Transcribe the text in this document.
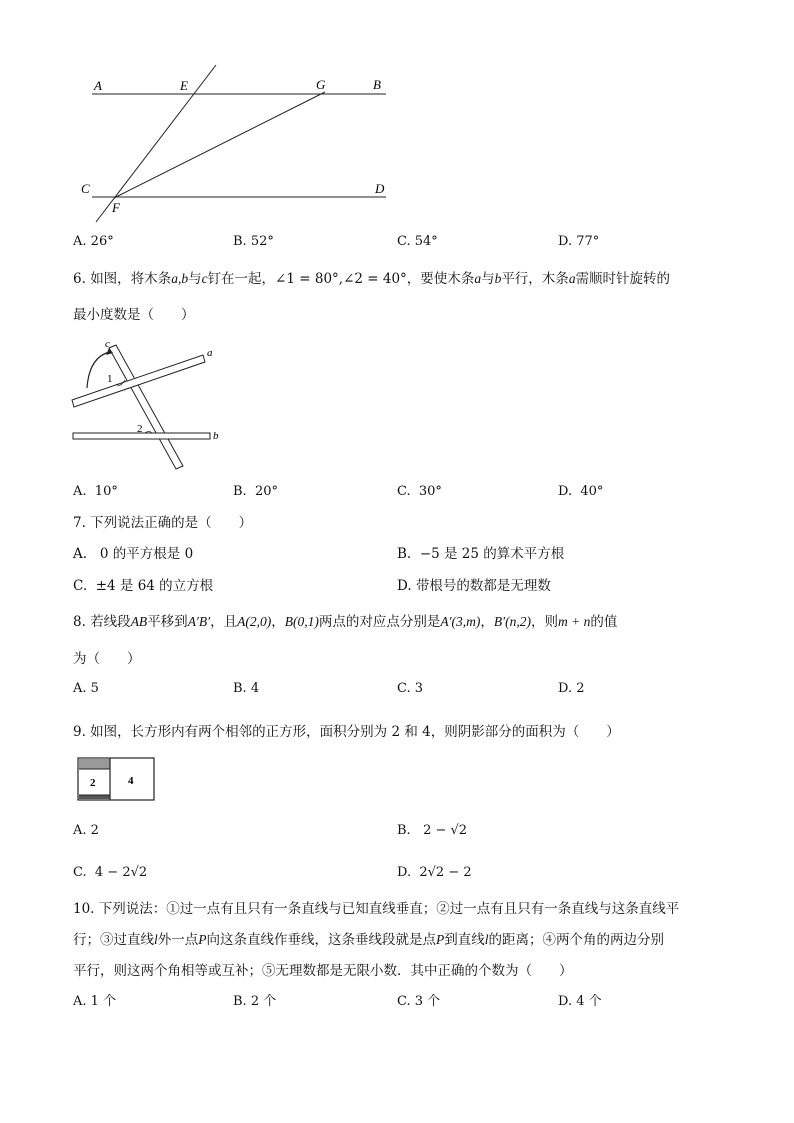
A	E	G	B
C	D
F
A. 26°	B. 52°	C. 54°	D. 77°
6. 如图，将木条a,b与c钉在一起，∠1 = 80°,∠2 = 40°，要使木条a与b平行，木条a需顺时针旋转的
最小度数是（　　）
c
a
b
1
2
A. 10°	B. 20°	C. 30°	D. 40°
7. 下列说法正确的是（　　）
A. 0 的平方根是 0	B. −5 是 25 的算术平方根
C. ±4 是 64 的立方根	D. 带根号的数都是无理数
8. 若线段AB平移到A′B′，且A(2,0)，B(0,1)两点的对应点分别是A′(3,m)，B′(n,2)，则m + n的值
为（　　）
A. 5	B. 4	C. 3	D. 2
9. 如图，长方形内有两个相邻的正方形，面积分别为 2 和 4，则阴影部分的面积为（　　）
2	4
A. 2	B. 2 − √2
C. 4 − 2√2	D. 2√2 − 2
10. 下列说法：①过一点有且只有一条直线与已知直线垂直；②过一点有且只有一条直线与这条直线平
行；③过直线l外一点P向这条直线作垂线，这条垂线段就是点P到直线l的距离；④两个角的两边分别
平行，则这两个角相等或互补；⑤无理数都是无限小数．其中正确的个数为（　　）
A. 1 个	B. 2 个	C. 3 个	D. 4 个
